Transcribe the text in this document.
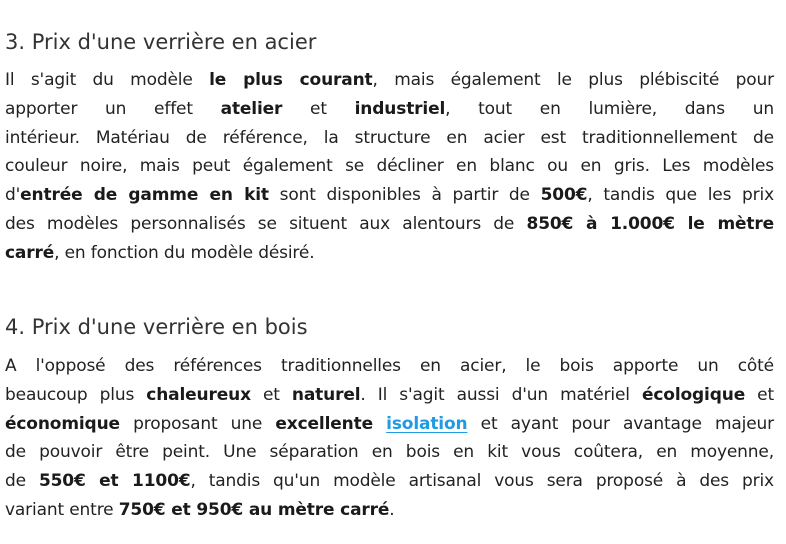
3. Prix d'une verrière en acier
Il s'agit du modèle le plus courant, mais également le plus plébiscité pour
apporter un effet atelier et industriel, tout en lumière, dans un
intérieur. Matériau de référence, la structure en acier est traditionnellement de
couleur noire, mais peut également se décliner en blanc ou en gris. Les modèles
d'entrée de gamme en kit sont disponibles à partir de 500€, tandis que les prix
des modèles personnalisés se situent aux alentours de 850€ à 1.000€ le mètre
carré, en fonction du modèle désiré.
4. Prix d'une verrière en bois
A l'opposé des références traditionnelles en acier, le bois apporte un côté
beaucoup plus chaleureux et naturel. Il s'agit aussi d'un matériel écologique et
économique proposant une excellente isolation et ayant pour avantage majeur
de pouvoir être peint. Une séparation en bois en kit vous coûtera, en moyenne,
de 550€ et 1100€, tandis qu'un modèle artisanal vous sera proposé à des prix
variant entre 750€ et 950€ au mètre carré.
